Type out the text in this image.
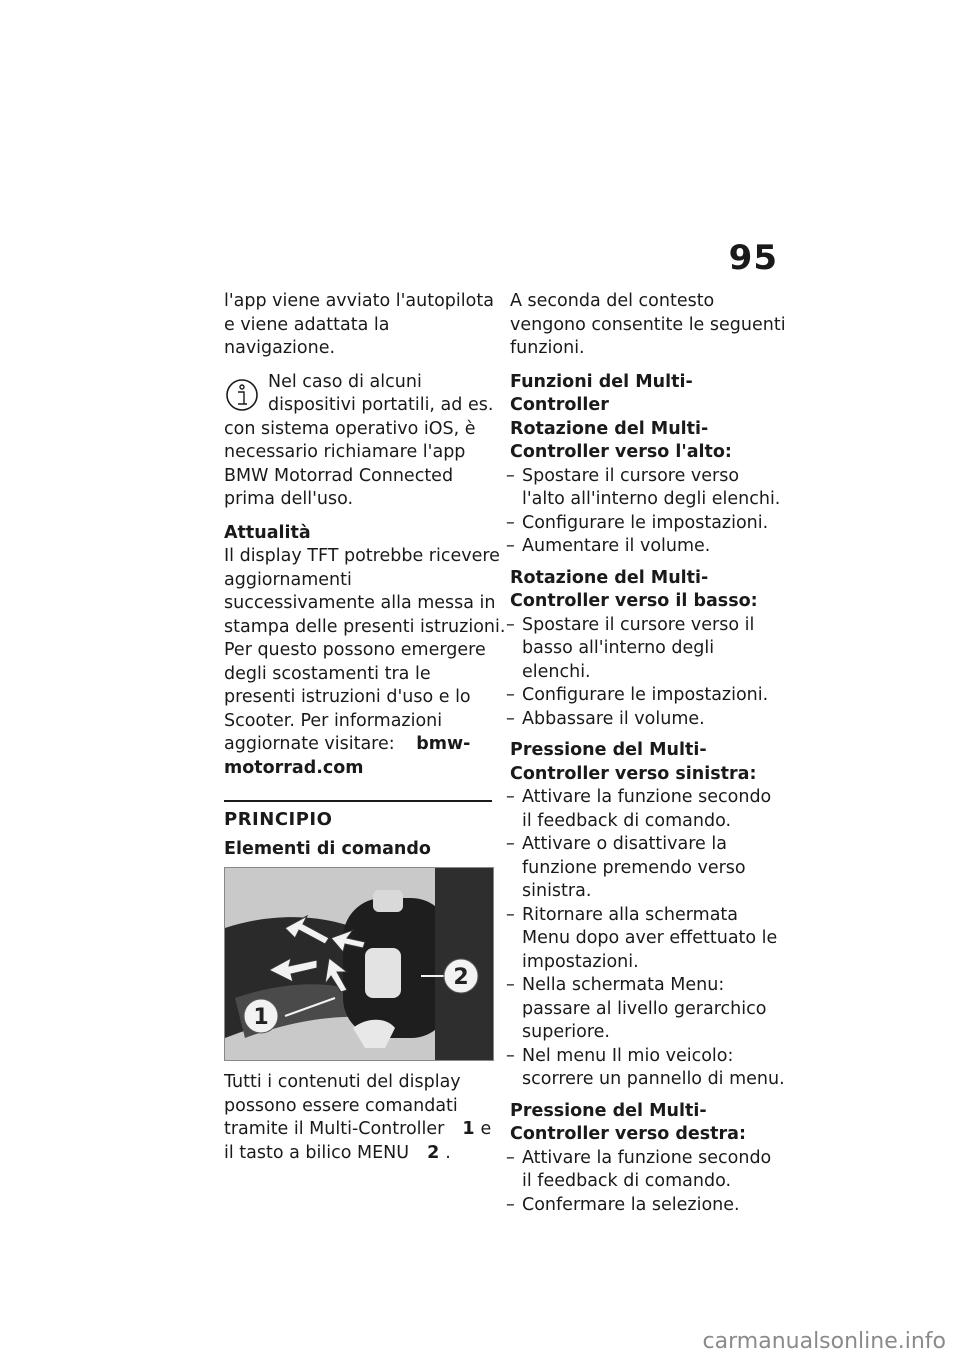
95

l'app viene avviato l'autopilota e viene adattata la navigazione.

Nel caso di alcuni
dispositivi portatili, ad es.
con sistema operativo iOS, è necessario richiamare l'app BMW Motorrad Connected prima dell'uso.

Attualità

Il display TFT potrebbe ricevere aggiornamenti successivamente alla messa in stampa delle presenti istruzioni. Per questo possono emergere degli scostamenti tra le presenti istruzioni d'uso e lo Scooter. Per informazioni aggiornate visitare: bmw-motorrad.com

PRINCIPIO

Elementi di comando

1
2

Tutti i contenuti del display possono essere comandati tramite il Multi-Controller 1 e il tasto a bilico MENU 2 .

A seconda del contesto vengono consentite le seguenti funzioni.

Funzioni del Multi-Controller

Rotazione del Multi-Controller verso l'alto:

– Spostare il cursore verso l'alto all'interno degli elenchi.
– Configurare le impostazioni.
– Aumentare il volume.

Rotazione del Multi-Controller verso il basso:

– Spostare il cursore verso il basso all'interno degli elenchi.
– Configurare le impostazioni.
– Abbassare il volume.

Pressione del Multi-Controller verso sinistra:

– Attivare la funzione secondo il feedback di comando.
– Attivare o disattivare la funzione premendo verso sinistra.
– Ritornare alla schermata Menu dopo aver effettuato le impostazioni.
– Nella schermata Menu: passare al livello gerarchico superiore.
– Nel menu Il mio veicolo: scorrere un pannello di menu.

Pressione del Multi-Controller verso destra:

– Attivare la funzione secondo il feedback di comando.
– Confermare la selezione.
carmanualsonline.info
